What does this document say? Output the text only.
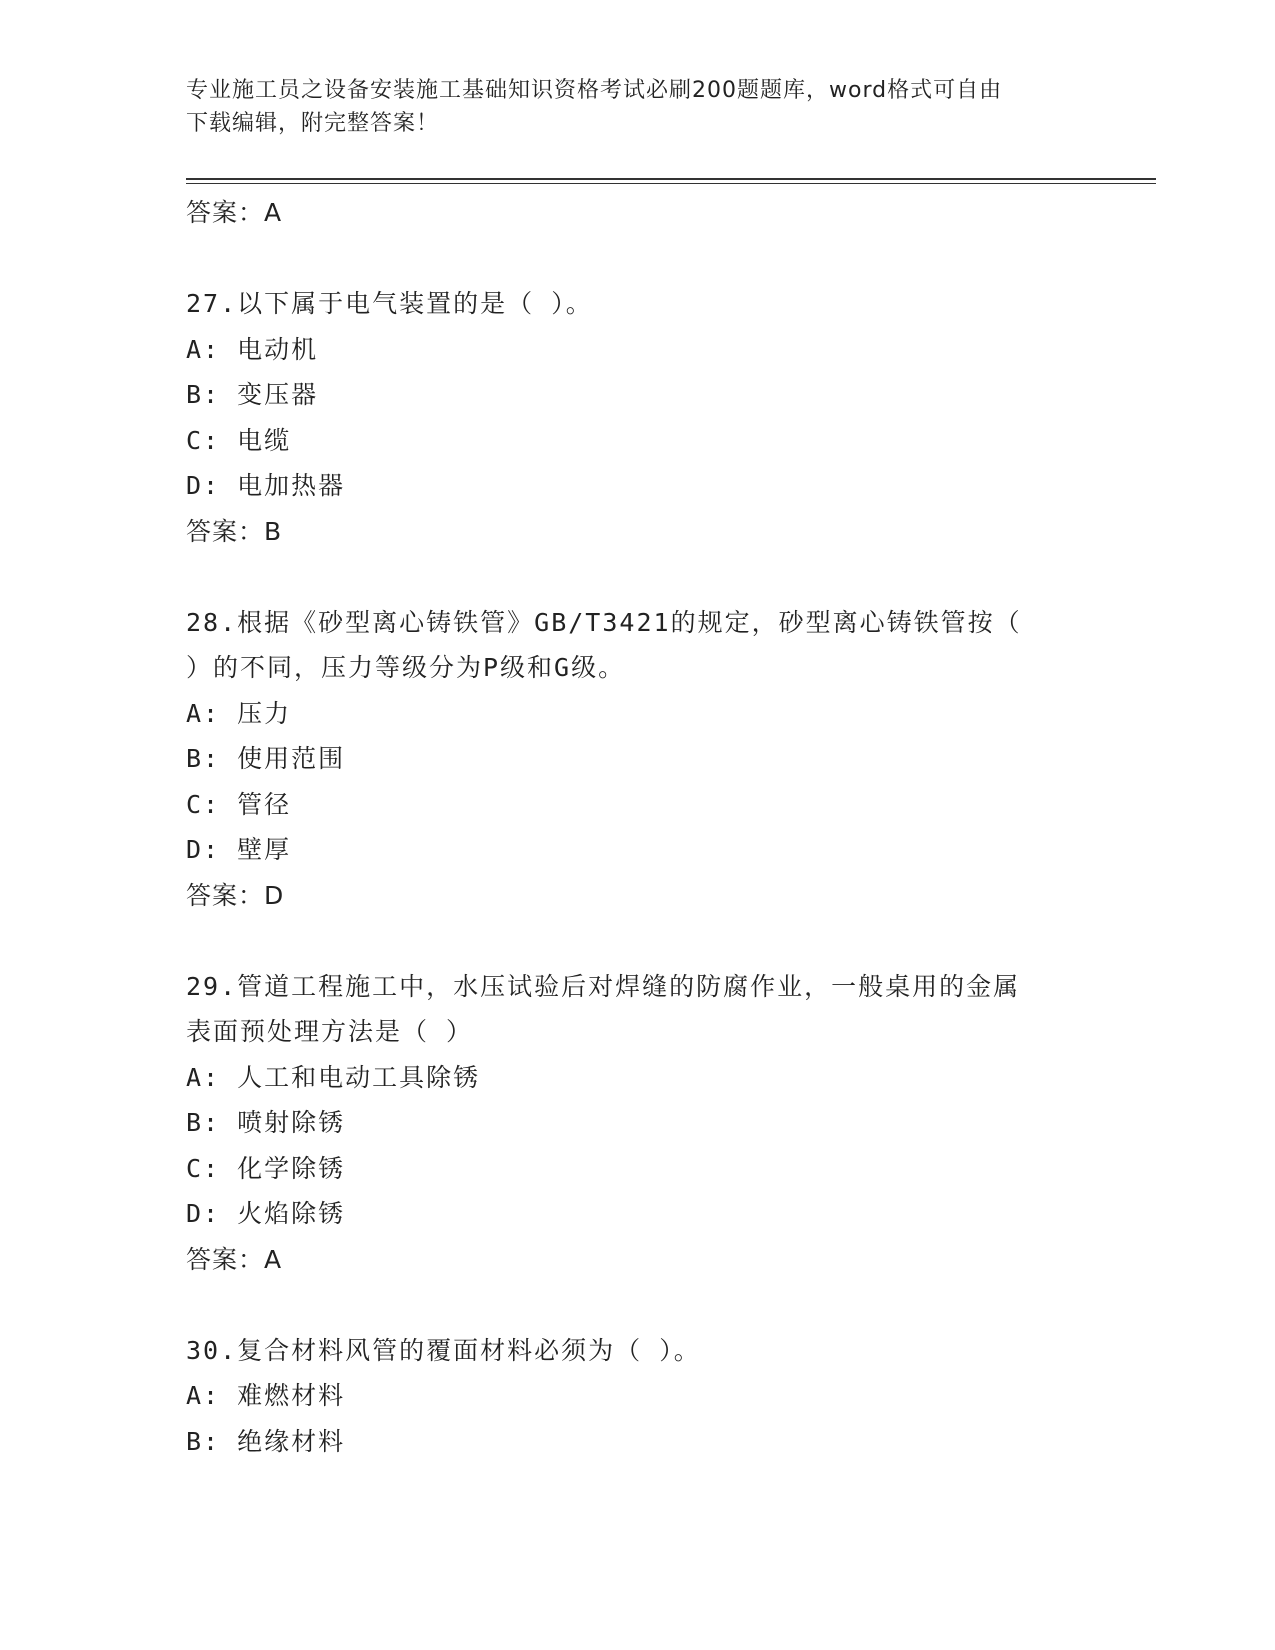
专业施工员之设备安装施工基础知识资格考试必刷200题题库，word格式可自由
下载编辑，附完整答案！
答案：A
27.以下属于电气装置的是（ ）。
A: 电动机
B: 变压器
C: 电缆
D: 电加热器
答案：B
28.根据《砂型离心铸铁管》GB/T3421的规定，砂型离心铸铁管按（
）的不同，压力等级分为P级和G级。
A: 压力
B: 使用范围
C: 管径
D: 壁厚
答案：D
29.管道工程施工中，水压试验后对焊缝的防腐作业，一般桌用的金属
表面预处理方法是（ ）
A: 人工和电动工具除锈
B: 喷射除锈
C: 化学除锈
D: 火焰除锈
答案：A
30.复合材料风管的覆面材料必须为（ ）。
A: 难燃材料
B: 绝缘材料
